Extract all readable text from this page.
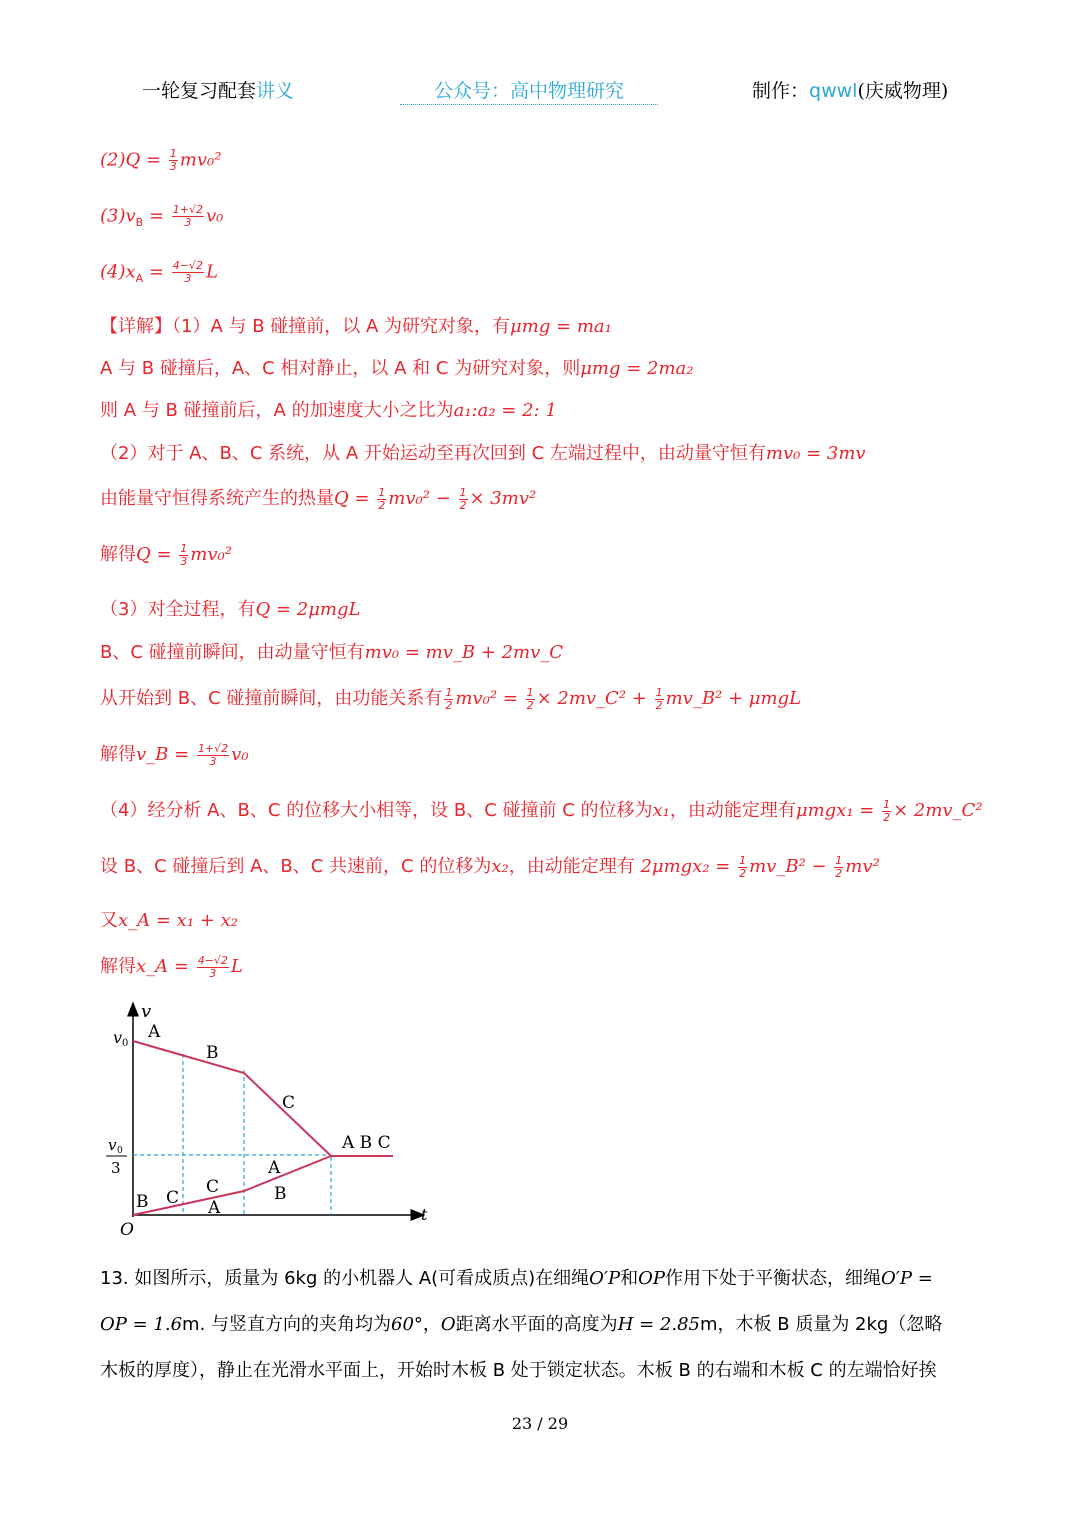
一轮复习配套讲义	公众号：高中物理研究	制作：qwwl(庆威物理)
$(2)Q = \frac{1}{3} mv_0^2$
$(3)v_B = \frac{1+√2}{3} v_0$
$(4)x_A = \frac{4-√2}{3}$ L
【详解】（1）A 与 B 碰撞前，以 A 为研究对象，有μmg = ma₁
A 与 B 碰撞后，A、C 相对静止，以 A 和 C 为研究对象，则μmg = 2ma₂
则 A 与 B 碰撞前后，A 的加速度大小之比为a₁:a₂ = 2: 1
（2）对于 A、B、C 系统，从 A 开始运动至再次回到 C 左端过程中，由动量守恒有mv₀ = 3mv
由能量守恒得系统产生的热量$Q = \frac{1}{2} mv_0^2 - \frac{1}{2} \times 3mv^2$
解得$Q = \frac{1}{3} mv_0^2$
（3）对全过程，有Q = 2μmgL
B、C 碰撞前瞬间，由动量守恒有mv₀ = mv_B + 2mv_C
从开始到 B、C 碰撞前瞬间，由功能关系有 $\frac{1}{2} mv_0^2 = \frac{1}{2}$ × 2mv_C² + $\frac{1}{2}$ mv_B² + μmgL
解得v_B = $\frac{1+√2}{3} v_0$
（4）经分析 A、B、C 的位移大小相等，设 B、C 碰撞前 C 的位移为x₁，由动能定理有$\mu mgx_1 = \frac{1}{2}$ × 2mv_C²
设 B、C 碰撞后到 A、B、C 共速前，C 的位移为x₂，由动能定理有 $2\mu mgx_2 = \frac{1}{2}$ mv_B² − $\frac{1}{2} mv^2$
又x_A = x₁ + x₂
解得x_A = $\frac{4-√2}{3}$ L
v
t
O
v 0
v 0
3
A
B
C
A B C
B C
C
A
A
B
13. 如图所示，质量为 6kg 的小机器人 A(可看成质点)在细绳O′P和OP作用下处于平衡状态，细绳O′P =
OP = 1.6m. 与竖直方向的夹角均为60°，O距离水平面的高度为H = 2.85m，木板 B 质量为 2kg（忽略
木板的厚度），静止在光滑水平面上，开始时木板 B 处于锁定状态。木板 B 的右端和木板 C 的左端恰好挨
23 / 29
